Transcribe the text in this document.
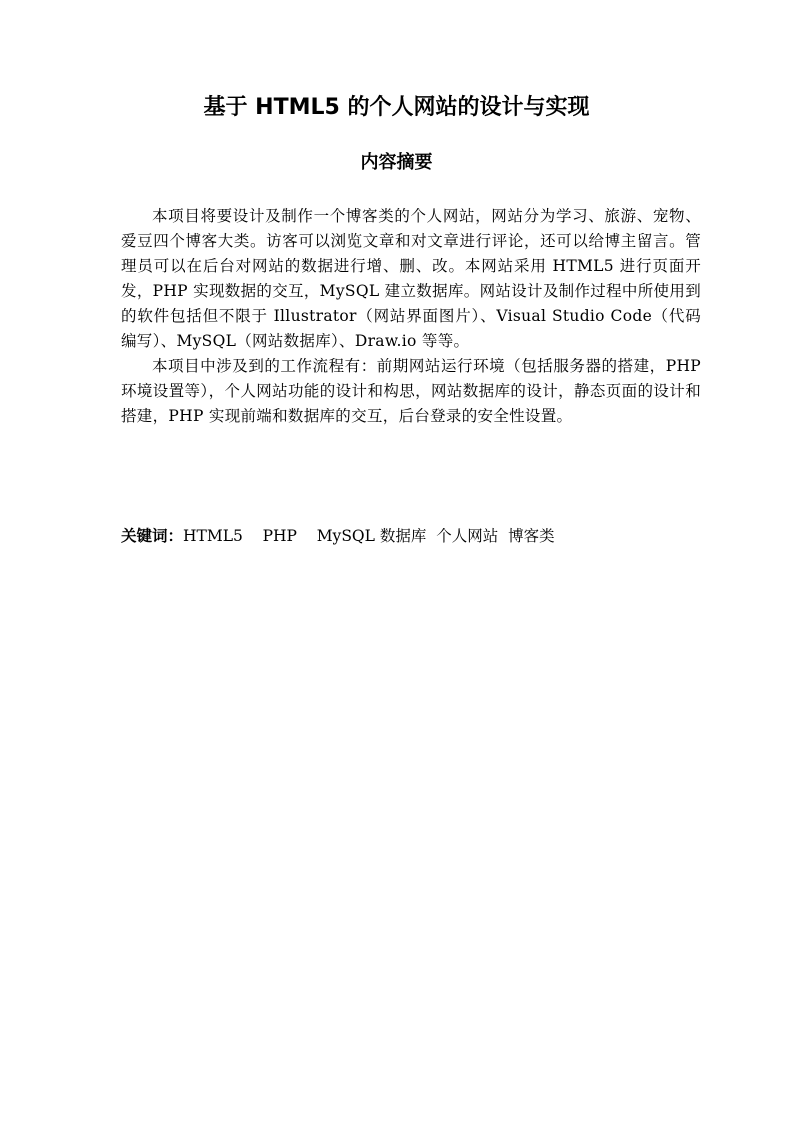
基于 HTML5 的个人网站的设计与实现
内容摘要

本项目将要设计及制作一个博客类的个人网站，网站分为学习、旅游、宠物、爱豆四个博客大类。访客可以浏览文章和对文章进行评论，还可以给博主留言。管理员可以在后台对网站的数据进行增、删、改。本网站采用 HTML5 进行页面开发，PHP 实现数据的交互，MySQL 建立数据库。网站设计及制作过程中所使用到的软件包括但不限于 Illustrator（网站界面图片）、Visual Studio Code（代码编写）、MySQL（网站数据库）、Draw.io 等等。

本项目中涉及到的工作流程有：前期网站运行环境（包括服务器的搭建，PHP 环境设置等），个人网站功能的设计和构思，网站数据库的设计，静态页面的设计和搭建，PHP 实现前端和数据库的交互，后台登录的安全性设置。

关键词：HTML5    PHP    MySQL 数据库  个人网站  博客类
